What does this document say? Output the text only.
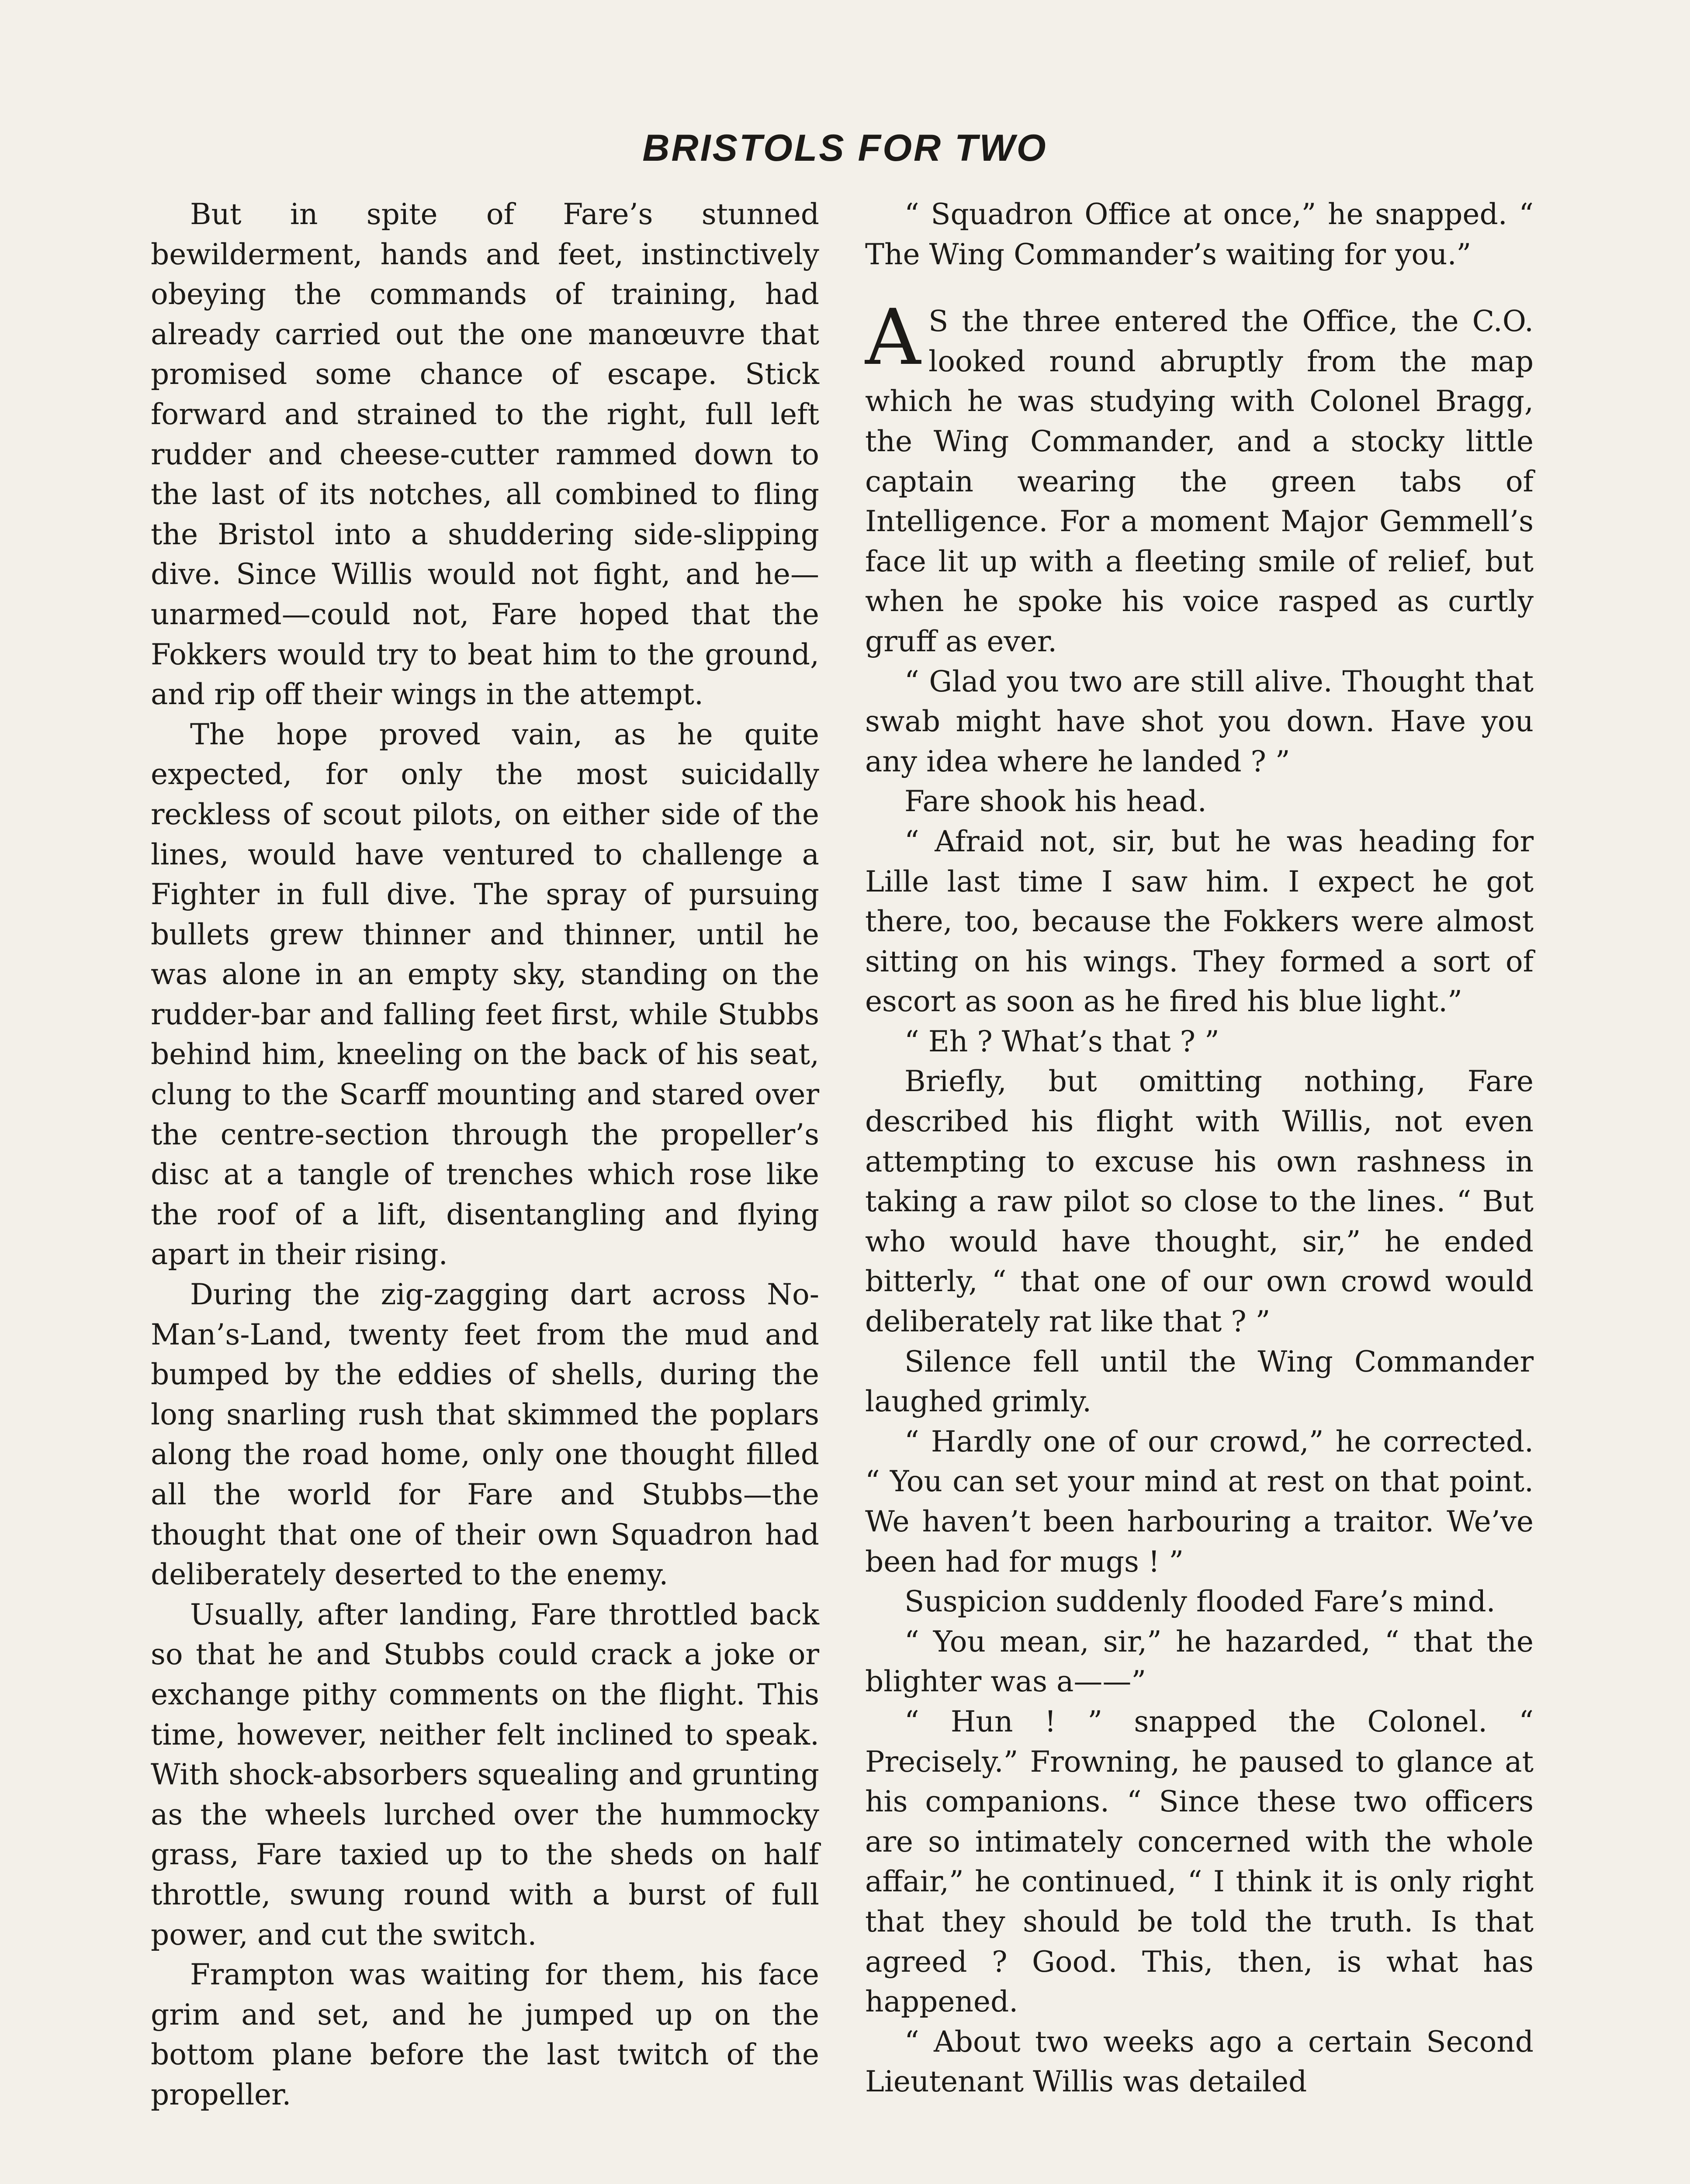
BRISTOLS FOR TWO

But in spite of Fare’s stunned bewilderment, hands and feet, instinctively obeying the commands of training, had already carried out the one manœuvre that promised some chance of escape. Stick forward and strained to the right, full left rudder and cheese-cutter rammed down to the last of its notches, all combined to fling the Bristol into a shuddering side-slipping dive. Since Willis would not fight, and he—unarmed—could not, Fare hoped that the Fokkers would try to beat him to the ground, and rip off their wings in the attempt.

The hope proved vain, as he quite expected, for only the most suicidally reckless of scout pilots, on either side of the lines, would have ventured to challenge a Fighter in full dive. The spray of pursuing bullets grew thinner and thinner, until he was alone in an empty sky, standing on the rudder-bar and falling feet first, while Stubbs behind him, kneeling on the back of his seat, clung to the Scarff mounting and stared over the centre-section through the propeller’s disc at a tangle of trenches which rose like the roof of a lift, disentangling and flying apart in their rising.

During the zig-zagging dart across No-Man’s-Land, twenty feet from the mud and bumped by the eddies of shells, during the long snarling rush that skimmed the poplars along the road home, only one thought filled all the world for Fare and Stubbs—the thought that one of their own Squadron had deliberately deserted to the enemy.

Usually, after landing, Fare throttled back so that he and Stubbs could crack a joke or exchange pithy comments on the flight. This time, however, neither felt inclined to speak. With shock-absorbers squealing and grunting as the wheels lurched over the hummocky grass, Fare taxied up to the sheds on half throttle, swung round with a burst of full power, and cut the switch.

Frampton was waiting for them, his face grim and set, and he jumped up on the bottom plane before the last twitch of the propeller.

“ Squadron Office at once,” he snapped. “ The Wing Commander’s waiting for you.”

A S the three entered the Office, the C.O. looked round abruptly from the map which he was studying with Colonel Bragg, the Wing Commander, and a stocky little captain wearing the green tabs of Intelligence. For a moment Major Gemmell’s face lit up with a fleeting smile of relief, but when he spoke his voice rasped as curtly gruff as ever.

“ Glad you two are still alive. Thought that swab might have shot you down. Have you any idea where he landed ? ”

Fare shook his head.

“ Afraid not, sir, but he was heading for Lille last time I saw him. I expect he got there, too, because the Fokkers were almost sitting on his wings. They formed a sort of escort as soon as he fired his blue light.”

“ Eh ? What’s that ? ”

Briefly, but omitting nothing, Fare described his flight with Willis, not even attempting to excuse his own rashness in taking a raw pilot so close to the lines. “ But who would have thought, sir,” he ended bitterly, “ that one of our own crowd would deliberately rat like that ? ”

Silence fell until the Wing Commander laughed grimly.

“ Hardly one of our crowd,” he corrected. “ You can set your mind at rest on that point. We haven’t been harbouring a traitor. We’ve been had for mugs ! ”

Suspicion suddenly flooded Fare’s mind.

“ You mean, sir,” he hazarded, “ that the blighter was a——”

“ Hun ! ” snapped the Colonel. “ Precisely.” Frowning, he paused to glance at his companions. “ Since these two officers are so intimately concerned with the whole affair,” he continued, “ I think it is only right that they should be told the truth. Is that agreed ? Good. This, then, is what has happened.

“ About two weeks ago a certain Second Lieutenant Willis was detailed
